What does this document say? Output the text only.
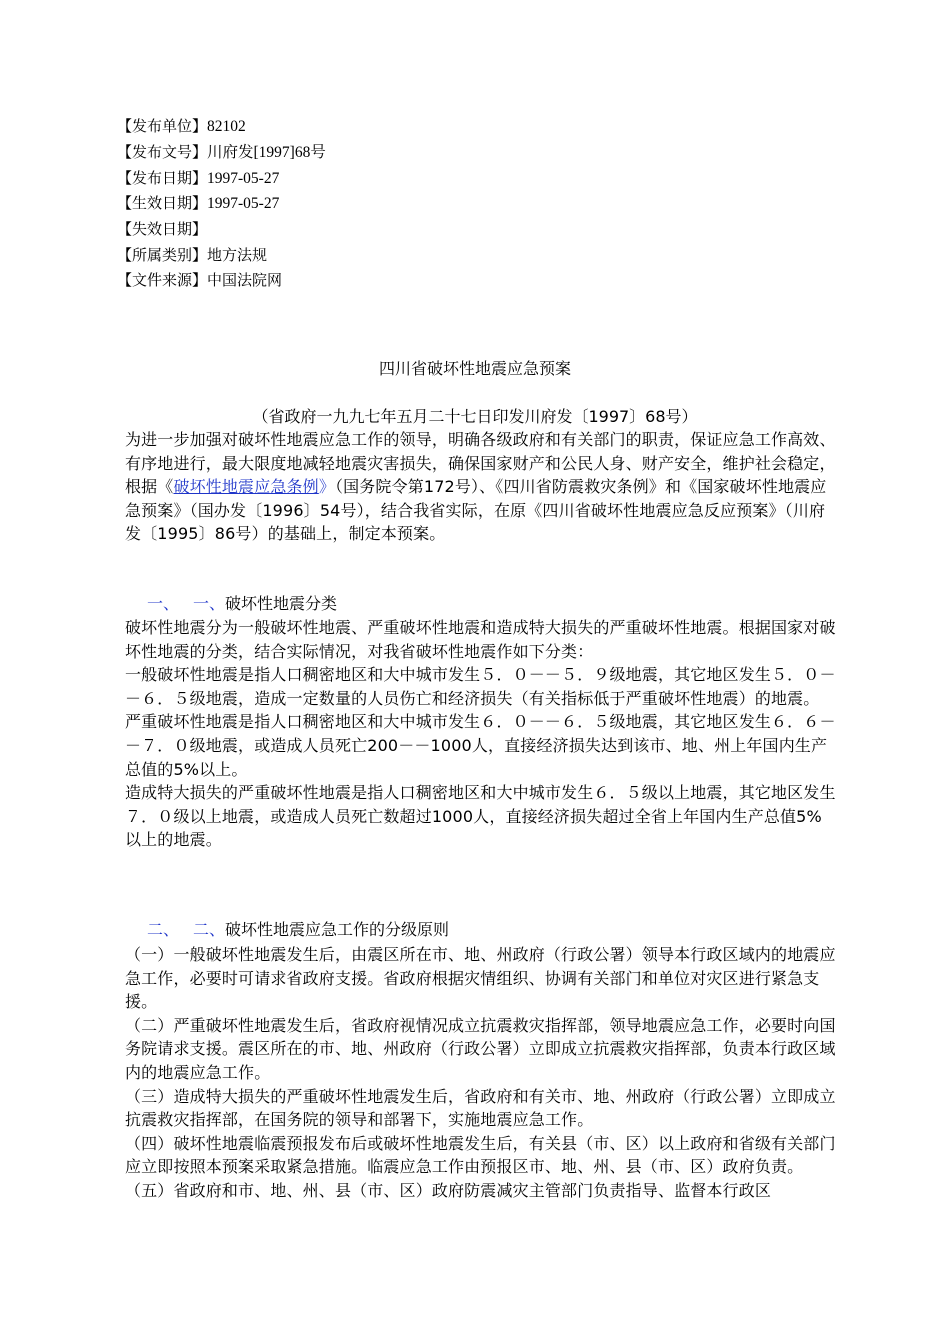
【发布单位】82102
【发布文号】川府发[1997]68号
【发布日期】1997-05-27
【生效日期】1997-05-27
【失效日期】
【所属类别】地方法规
【文件来源】中国法院网
四川省破坏性地震应急预案
（省政府一九九七年五月二十七日印发川府发〔1997〕68号）

为进一步加强对破坏性地震应急工作的领导，明确各级政府和有关部门的职责，保证应急工作高效、有序地进行，最大限度地减轻地震灾害损失，确保国家财产和公民人身、财产安全，维护社会稳定，根据《破坏性地震应急条例》（国务院令第172号）、《四川省防震救灾条例》和《国家破坏性地震应急预案》（国办发〔1996〕54号），结合我省实际，在原《四川省破坏性地震应急反应预案》（川府发〔1995〕86号）的基础上，制定本预案。

一、 一、破坏性地震分类

破坏性地震分为一般破坏性地震、严重破坏性地震和造成特大损失的严重破坏性地震。根据国家对破坏性地震的分类，结合实际情况，对我省破坏性地震作如下分类：

一般破坏性地震是指人口稠密地区和大中城市发生５．０－－５．９级地震，其它地区发生５．０－－６．５级地震，造成一定数量的人员伤亡和经济损失（有关指标低于严重破坏性地震）的地震。

严重破坏性地震是指人口稠密地区和大中城市发生６．０－－６．５级地震，其它地区发生６．６－－７．０级地震，或造成人员死亡200－－1000人，直接经济损失达到该市、地、州上年国内生产总值的5%以上。

造成特大损失的严重破坏性地震是指人口稠密地区和大中城市发生６．５级以上地震，其它地区发生７．０级以上地震，或造成人员死亡数超过1000人，直接经济损失超过全省上年国内生产总值5%以上的地震。

二、 二、破坏性地震应急工作的分级原则

（一）一般破坏性地震发生后，由震区所在市、地、州政府（行政公署）领导本行政区域内的地震应急工作，必要时可请求省政府支援。省政府根据灾情组织、协调有关部门和单位对灾区进行紧急支援。

（二）严重破坏性地震发生后，省政府视情况成立抗震救灾指挥部，领导地震应急工作，必要时向国务院请求支援。震区所在的市、地、州政府（行政公署）立即成立抗震救灾指挥部，负责本行政区域内的地震应急工作。

（三）造成特大损失的严重破坏性地震发生后，省政府和有关市、地、州政府（行政公署）立即成立抗震救灾指挥部，在国务院的领导和部署下，实施地震应急工作。

（四）破坏性地震临震预报发布后或破坏性地震发生后，有关县（市、区）以上政府和省级有关部门应立即按照本预案采取紧急措施。临震应急工作由预报区市、地、州、县（市、区）政府负责。

（五）省政府和市、地、州、县（市、区）政府防震减灾主管部门负责指导、监督本行政区
